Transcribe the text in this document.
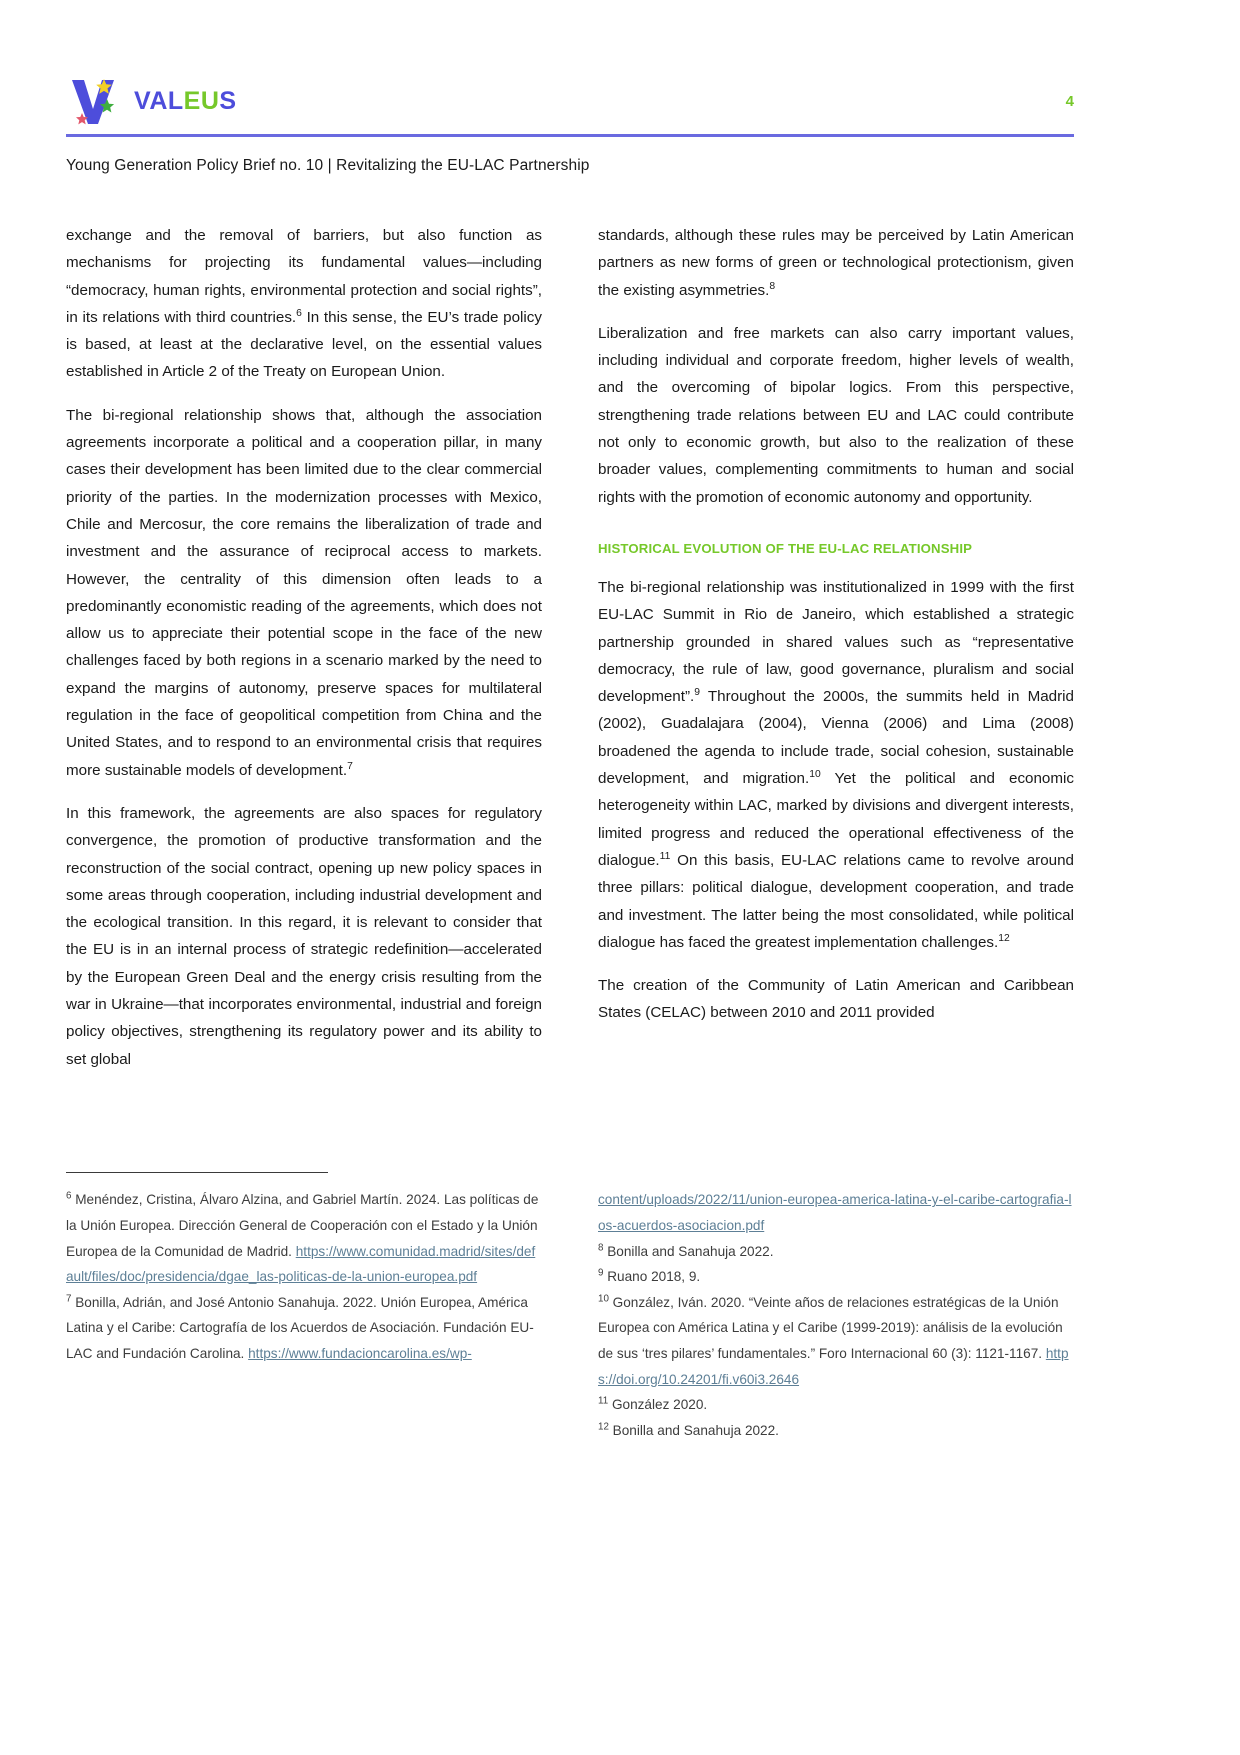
VALEUS	4
Young Generation Policy Brief no. 10 | Revitalizing the EU-LAC Partnership

exchange and the removal of barriers, but also function as mechanisms for projecting its fundamental values—including “democracy, human rights, environmental protection and social rights”, in its relations with third countries.$^6$ In this sense, the EU’s trade policy is based, at least at the declarative level, on the essential values established in Article 2 of the Treaty on European Union.

The bi-regional relationship shows that, although the association agreements incorporate a political and a cooperation pillar, in many cases their development has been limited due to the clear commercial priority of the parties. In the modernization processes with Mexico, Chile and Mercosur, the core remains the liberalization of trade and investment and the assurance of reciprocal access to markets. However, the centrality of this dimension often leads to a predominantly economistic reading of the agreements, which does not allow us to appreciate their potential scope in the face of the new challenges faced by both regions in a scenario marked by the need to expand the margins of autonomy, preserve spaces for multilateral regulation in the face of geopolitical competition from China and the United States, and to respond to an environmental crisis that requires more sustainable models of development.$^7$

In this framework, the agreements are also spaces for regulatory convergence, the promotion of productive transformation and the reconstruction of the social contract, opening up new policy spaces in some areas through cooperation, including industrial development and the ecological transition. In this regard, it is relevant to consider that the EU is in an internal process of strategic redefinition—accelerated by the European Green Deal and the energy crisis resulting from the war in Ukraine—that incorporates environmental, industrial and foreign policy objectives, strengthening its regulatory power and its ability to set global

standards, although these rules may be perceived by Latin American partners as new forms of green or technological protectionism, given the existing asymmetries.$^8$

Liberalization and free markets can also carry important values, including individual and corporate freedom, higher levels of wealth, and the overcoming of bipolar logics. From this perspective, strengthening trade relations between EU and LAC could contribute not only to economic growth, but also to the realization of these broader values, complementing commitments to human and social rights with the promotion of economic autonomy and opportunity.

HISTORICAL EVOLUTION OF THE EU-LAC RELATIONSHIP

The bi-regional relationship was institutionalized in 1999 with the first EU-LAC Summit in Rio de Janeiro, which established a strategic partnership grounded in shared values such as “representative democracy, the rule of law, good governance, pluralism and social development”.$^9$ Throughout the 2000s, the summits held in Madrid (2002), Guadalajara (2004), Vienna (2006) and Lima (2008) broadened the agenda to include trade, social cohesion, sustainable development, and migration.$^{10}$ Yet the political and economic heterogeneity within LAC, marked by divisions and divergent interests, limited progress and reduced the operational effectiveness of the dialogue.$^{11}$ On this basis, EU-LAC relations came to revolve around three pillars: political dialogue, development cooperation, and trade and investment. The latter being the most consolidated, while political dialogue has faced the greatest implementation challenges.$^{12}$

The creation of the Community of Latin American and Caribbean States (CELAC) between 2010 and 2011 provided

$^6$ Menéndez, Cristina, Álvaro Alzina, and Gabriel Martín. 2024. Las políticas de la Unión Europea. Dirección General de Cooperación con el Estado y la Unión Europea de la Comunidad de Madrid. https://www.comunidad.madrid/sites/default/files/doc/presidencia/dgae_las-politicas-de-la-union-europea.pdf
$^7$ Bonilla, Adrián, and José Antonio Sanahuja. 2022. Unión Europea, América Latina y el Caribe: Cartografía de los Acuerdos de Asociación. Fundación EU-LAC and Fundación Carolina. https://www.fundacioncarolina.es/wp-
content/uploads/2022/11/union-europea-america-latina-y-el-caribe-cartografia-los-acuerdos-asociacion.pdf
$^8$ Bonilla and Sanahuja 2022.
$^9$ Ruano 2018, 9.
$^{10}$ González, Iván. 2020. “Veinte años de relaciones estratégicas de la Unión Europea con América Latina y el Caribe (1999-2019): análisis de la evolución de sus ‘tres pilares’ fundamentales.” Foro Internacional 60 (3): 1121-1167. https://doi.org/10.24201/fi.v60i3.2646
$^{11}$ González 2020.
$^{12}$ Bonilla and Sanahuja 2022.
